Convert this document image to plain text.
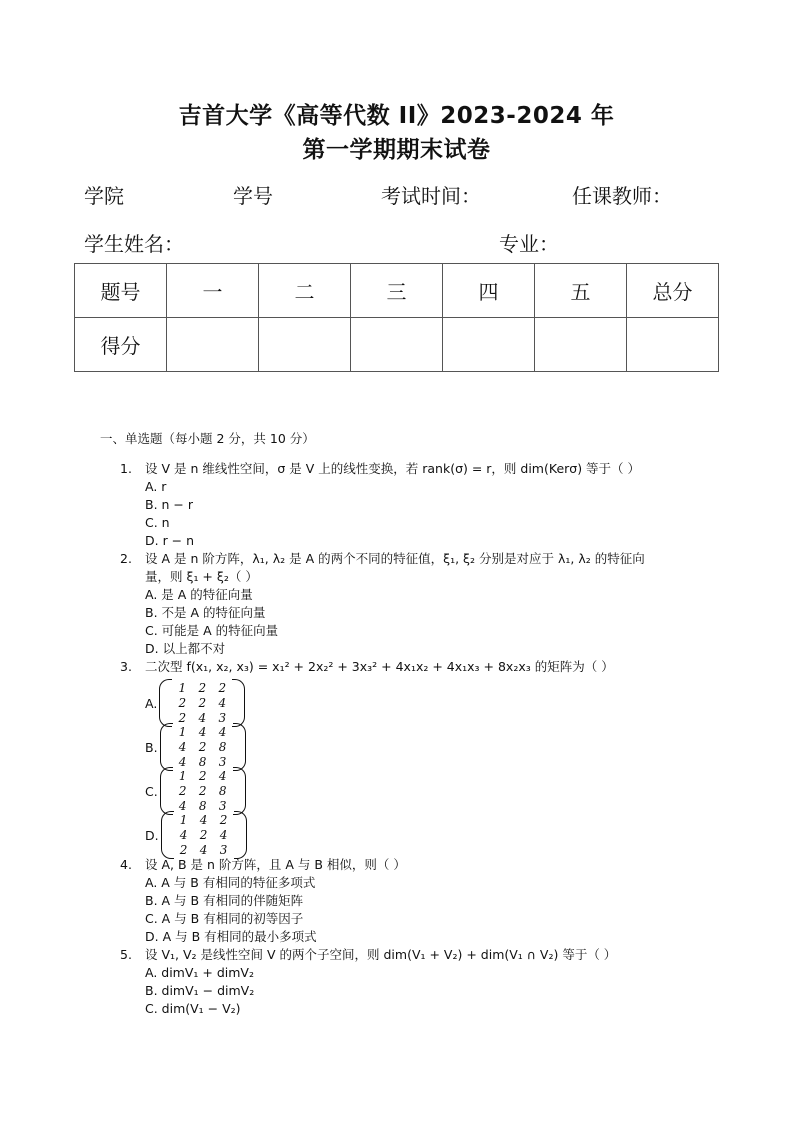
吉首大学《高等代数 II》2023-2024 年
第一学期期末试卷
学院	学号	考试时间：	任课教师：
学生姓名：	专业：
题号	一	二	三	四	五	总分
得分						
一、单选题（每小题 2 分，共 10 分）
1. 设 V 是 n 维线性空间，σ 是 V 上的线性变换，若 rank(σ) = r，则 dim(Kerσ) 等于（ ）
A. r
B. n − r
C. n
D. r − n
2. 设 A 是 n 阶方阵，λ₁, λ₂ 是 A 的两个不同的特征值，ξ₁, ξ₂ 分别是对应于 λ₁, λ₂ 的特征向
量，则 ξ₁ + ξ₂（ ）
A. 是 A 的特征向量
B. 不是 A 的特征向量
C. 可能是 A 的特征向量
D. 以上都不对
3. 二次型 f(x₁, x₂, x₃) = x₁² + 2x₂² + 3x₃² + 4x₁x₂ + 4x₁x₃ + 8x₂x₃ 的矩阵为（ ）
A.
1	2	2
2	2	4
2	4	3
B.
1	4	4
4	2	8
4	8	3
C.
1	2	4
2	2	8
4	8	3
D.
1	4	2
4	2	4
2	4	3
4. 设 A, B 是 n 阶方阵，且 A 与 B 相似，则（ ）
A. A 与 B 有相同的特征多项式
B. A 与 B 有相同的伴随矩阵
C. A 与 B 有相同的初等因子
D. A 与 B 有相同的最小多项式
5. 设 V₁, V₂ 是线性空间 V 的两个子空间，则 dim(V₁ + V₂) + dim(V₁ ∩ V₂) 等于（ ）
A. dimV₁ + dimV₂
B. dimV₁ − dimV₂
C. dim(V₁ − V₂)
